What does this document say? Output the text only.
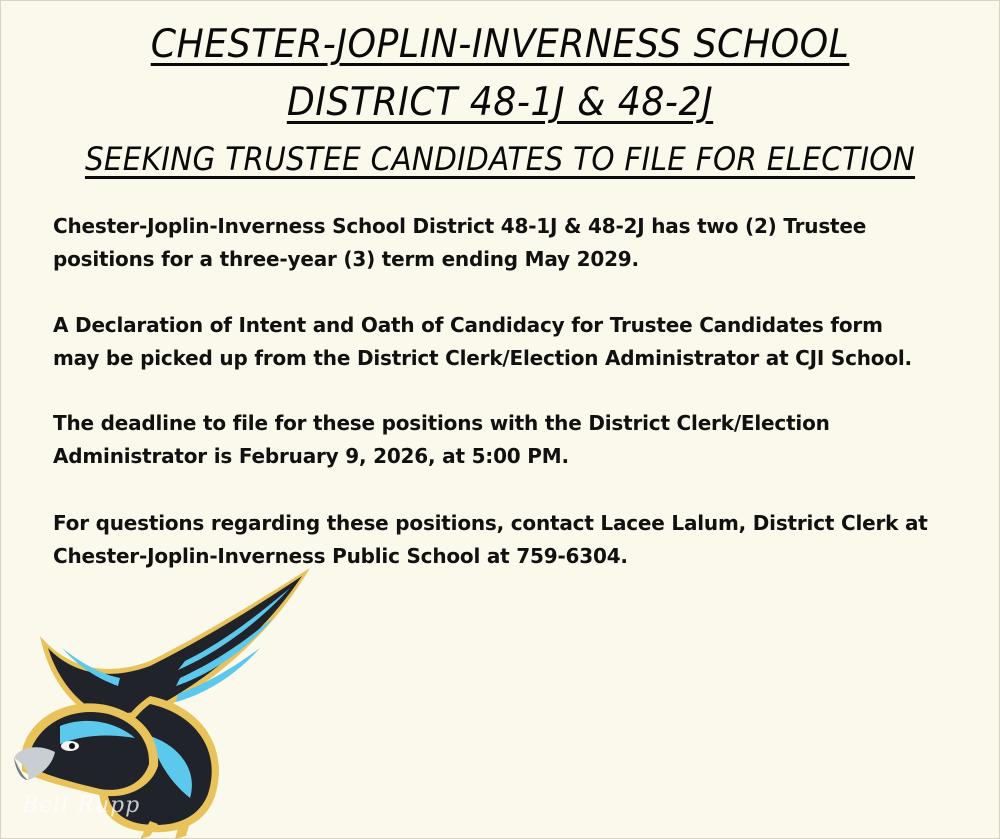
CHESTER-JOPLIN-INVERNESS SCHOOL
DISTRICT 48-1J & 48-2J
SEEKING TRUSTEE CANDIDATES TO FILE FOR ELECTION
Chester-Joplin-Inverness School District 48-1J & 48-2J has two (2) Trustee
positions for a three-year (3) term ending May 2029.
A Declaration of Intent and Oath of Candidacy for Trustee Candidates form
may be picked up from the District Clerk/Election Administrator at CJI School.
The deadline to file for these positions with the District Clerk/Election
Administrator is February 9, 2026, at 5:00 PM.
For questions regarding these positions, contact Lacee Lalum, District Clerk at
Chester-Joplin-Inverness Public School at 759-6304.
Bell Rupp
